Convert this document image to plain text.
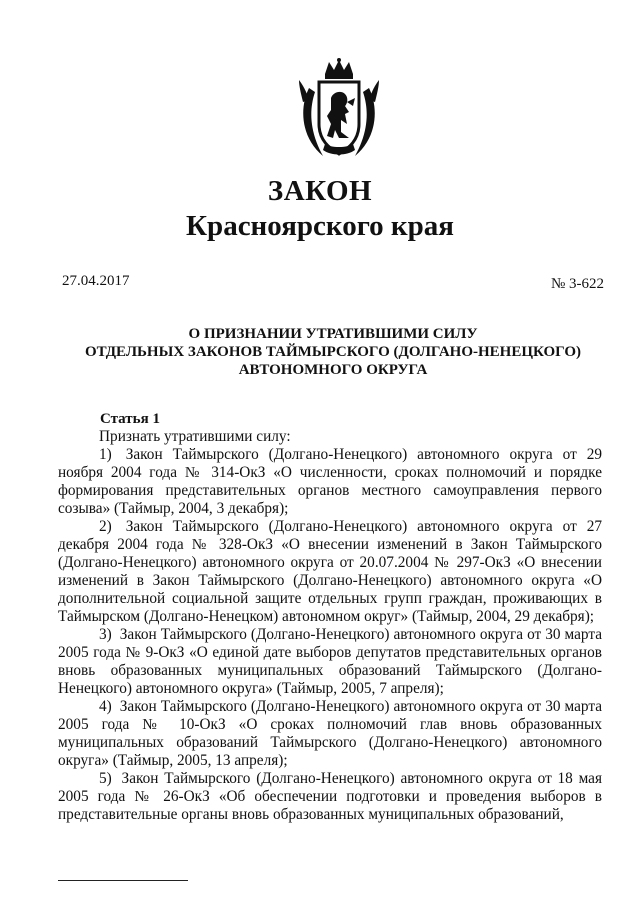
ЗАКОН
Красноярского края
27.04.2017	№ 3-622
О ПРИЗНАНИИ УТРАТИВШИМИ СИЛУ
ОТДЕЛЬНЫХ ЗАКОНОВ ТАЙМЫРСКОГО (ДОЛГАНО-НЕНЕЦКОГО)
АВТОНОМНОГО ОКРУГА
Статья 1

Признать утратившими силу:

1) Закон Таймырского (Долгано-Ненецкого) автономного округа от 29 ноября 2004 года № 314-ОкЗ «О численности, сроках полномочий и порядке формирования представительных органов местного самоуправления первого созыва» (Таймыр, 2004, 3 декабря);

2) Закон Таймырского (Долгано-Ненецкого) автономного округа от 27 декабря 2004 года № 328-ОкЗ «О внесении изменений в Закон Таймырского (Долгано-Ненецкого) автономного округа от 20.07.2004 № 297-ОкЗ «О внесении изменений в Закон Таймырского (Долгано-Ненецкого) автономного округа «О дополнительной социальной защите отдельных групп граждан, проживающих в Таймырском (Долгано-Ненецком) автономном округ» (Таймыр, 2004, 29 декабря);

3) Закон Таймырского (Долгано-Ненецкого) автономного округа от 30 марта 2005 года № 9-ОкЗ «О единой дате выборов депутатов представительных органов вновь образованных муниципальных образований Таймырского (Долгано-Ненецкого) автономного округа» (Таймыр, 2005, 7 апреля);

4) Закон Таймырского (Долгано-Ненецкого) автономного округа от 30 марта 2005 года № 10-ОкЗ «О сроках полномочий глав вновь образованных муниципальных образований Таймырского (Долгано-Ненецкого) автономного округа» (Таймыр, 2005, 13 апреля);

5) Закон Таймырского (Долгано-Ненецкого) автономного округа от 18 мая 2005 года № 26-ОкЗ «Об обеспечении подготовки и проведения выборов в представительные органы вновь образованных муниципальных образований,
